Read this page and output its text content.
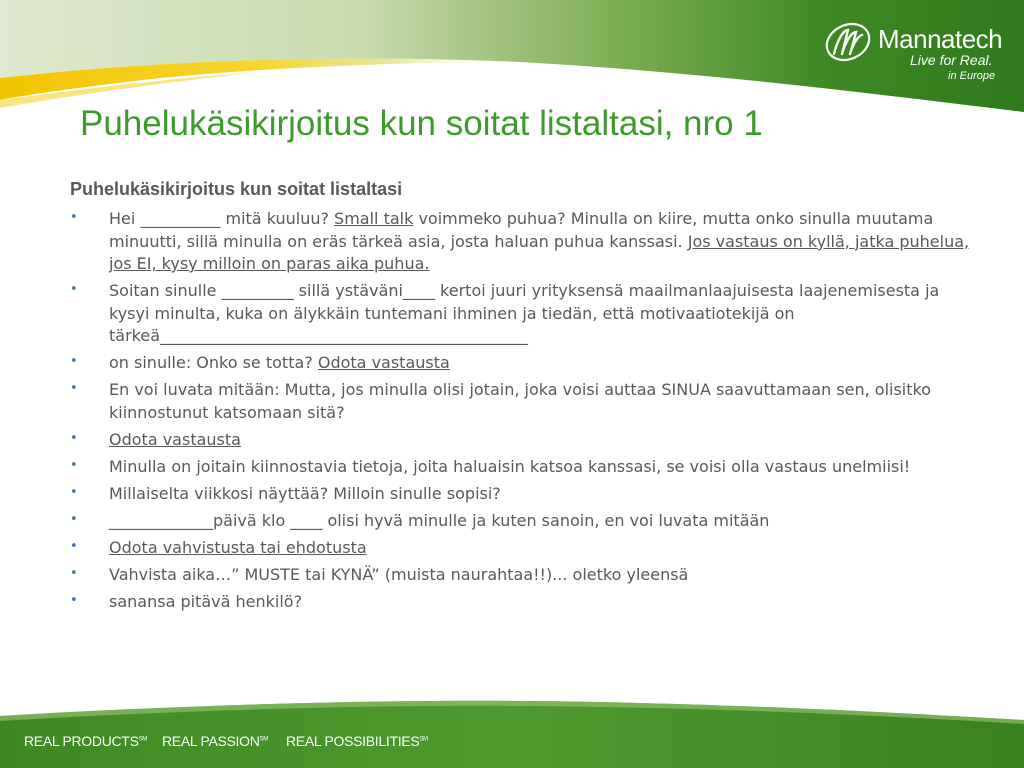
Mannatech
Live for Real.
in Europe
Puhelukäsikirjoitus kun soitat listaltasi, nro 1
Puhelukäsikirjoitus kun soitat listaltasi
• Hei __________ mitä kuuluu? Small talk voimmeko puhua? Minulla on kiire, mutta onko sinulla muutama minuutti, sillä minulla on eräs tärkeä asia, josta haluan puhua kanssasi. Jos vastaus on kyllä, jatka puhelua, jos EI, kysy milloin on paras aika puhua.
• Soitan sinulle _________ sillä ystäväni____ kertoi juuri yrityksensä maailmanlaajuisesta laajenemisesta ja kysyi minulta, kuka on älykkäin tuntemani ihminen ja tiedän, että motivaatiotekijä on tärkeä______________________________________________
• on sinulle: Onko se totta? Odota vastausta
• En voi luvata mitään: Mutta, jos minulla olisi jotain, joka voisi auttaa SINUA saavuttamaan sen, olisitko kiinnostunut katsomaan sitä?
• Odota vastausta
• Minulla on joitain kiinnostavia tietoja, joita haluaisin katsoa kanssasi, se voisi olla vastaus unelmiisi!
• Millaiselta viikkosi näyttää? Milloin sinulle sopisi?
• _____________päivä klo ____ olisi hyvä minulle ja kuten sanoin, en voi luvata mitään
• Odota vahvistusta tai ehdotusta
• Vahvista aika…” MUSTE tai KYNÄ” (muista naurahtaa!!)... oletko yleensä
• sanansa pitävä henkilö?
REAL PRODUCTS℠ REAL PASSION℠ REAL POSSIBILITIES℠
